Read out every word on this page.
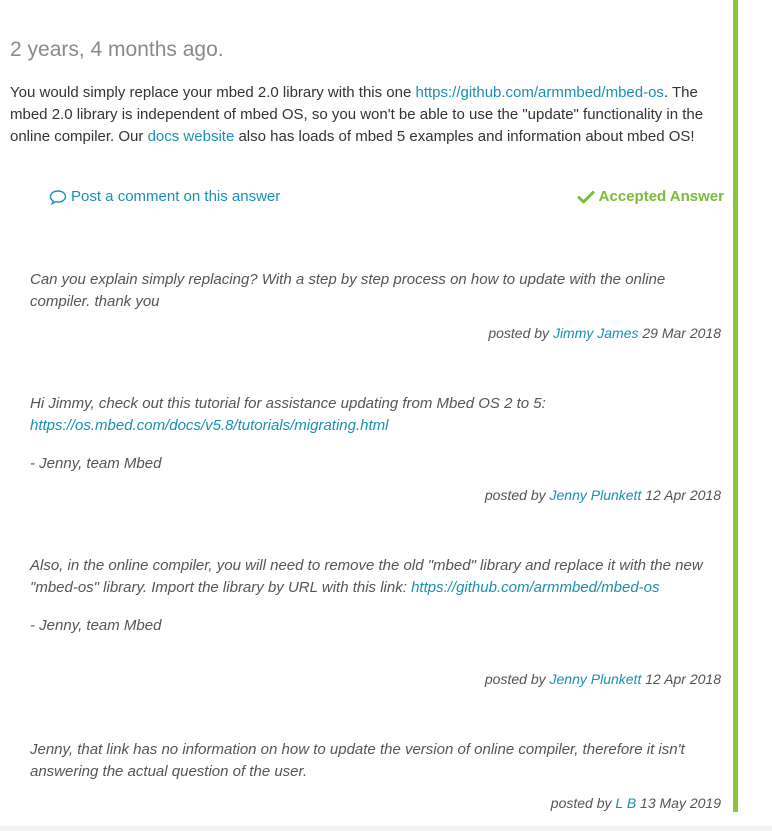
2 years, 4 months ago.

You would simply replace your mbed 2.0 library with this one https://github.com/armmbed/mbed-os. The mbed 2.0 library is independent of mbed OS, so you won't be able to use the "update" functionality in the online compiler. Our docs website also has loads of mbed 5 examples and information about mbed OS!

Post a comment on this answer	Accepted Answer

Can you explain simply replacing? With a step by step process on how to update with the online compiler. thank you

posted by Jimmy James 29 Mar 2018

Hi Jimmy, check out this tutorial for assistance updating from Mbed OS 2 to 5:

https://os.mbed.com/docs/v5.8/tutorials/migrating.html

- Jenny, team Mbed

posted by Jenny Plunkett 12 Apr 2018

Also, in the online compiler, you will need to remove the old "mbed" library and replace it with the new "mbed-os" library. Import the library by URL with this link: https://github.com/armmbed/mbed-os

- Jenny, team Mbed

posted by Jenny Plunkett 12 Apr 2018

Jenny, that link has no information on how to update the version of online compiler, therefore it isn't answering the actual question of the user.

posted by L B 13 May 2019
